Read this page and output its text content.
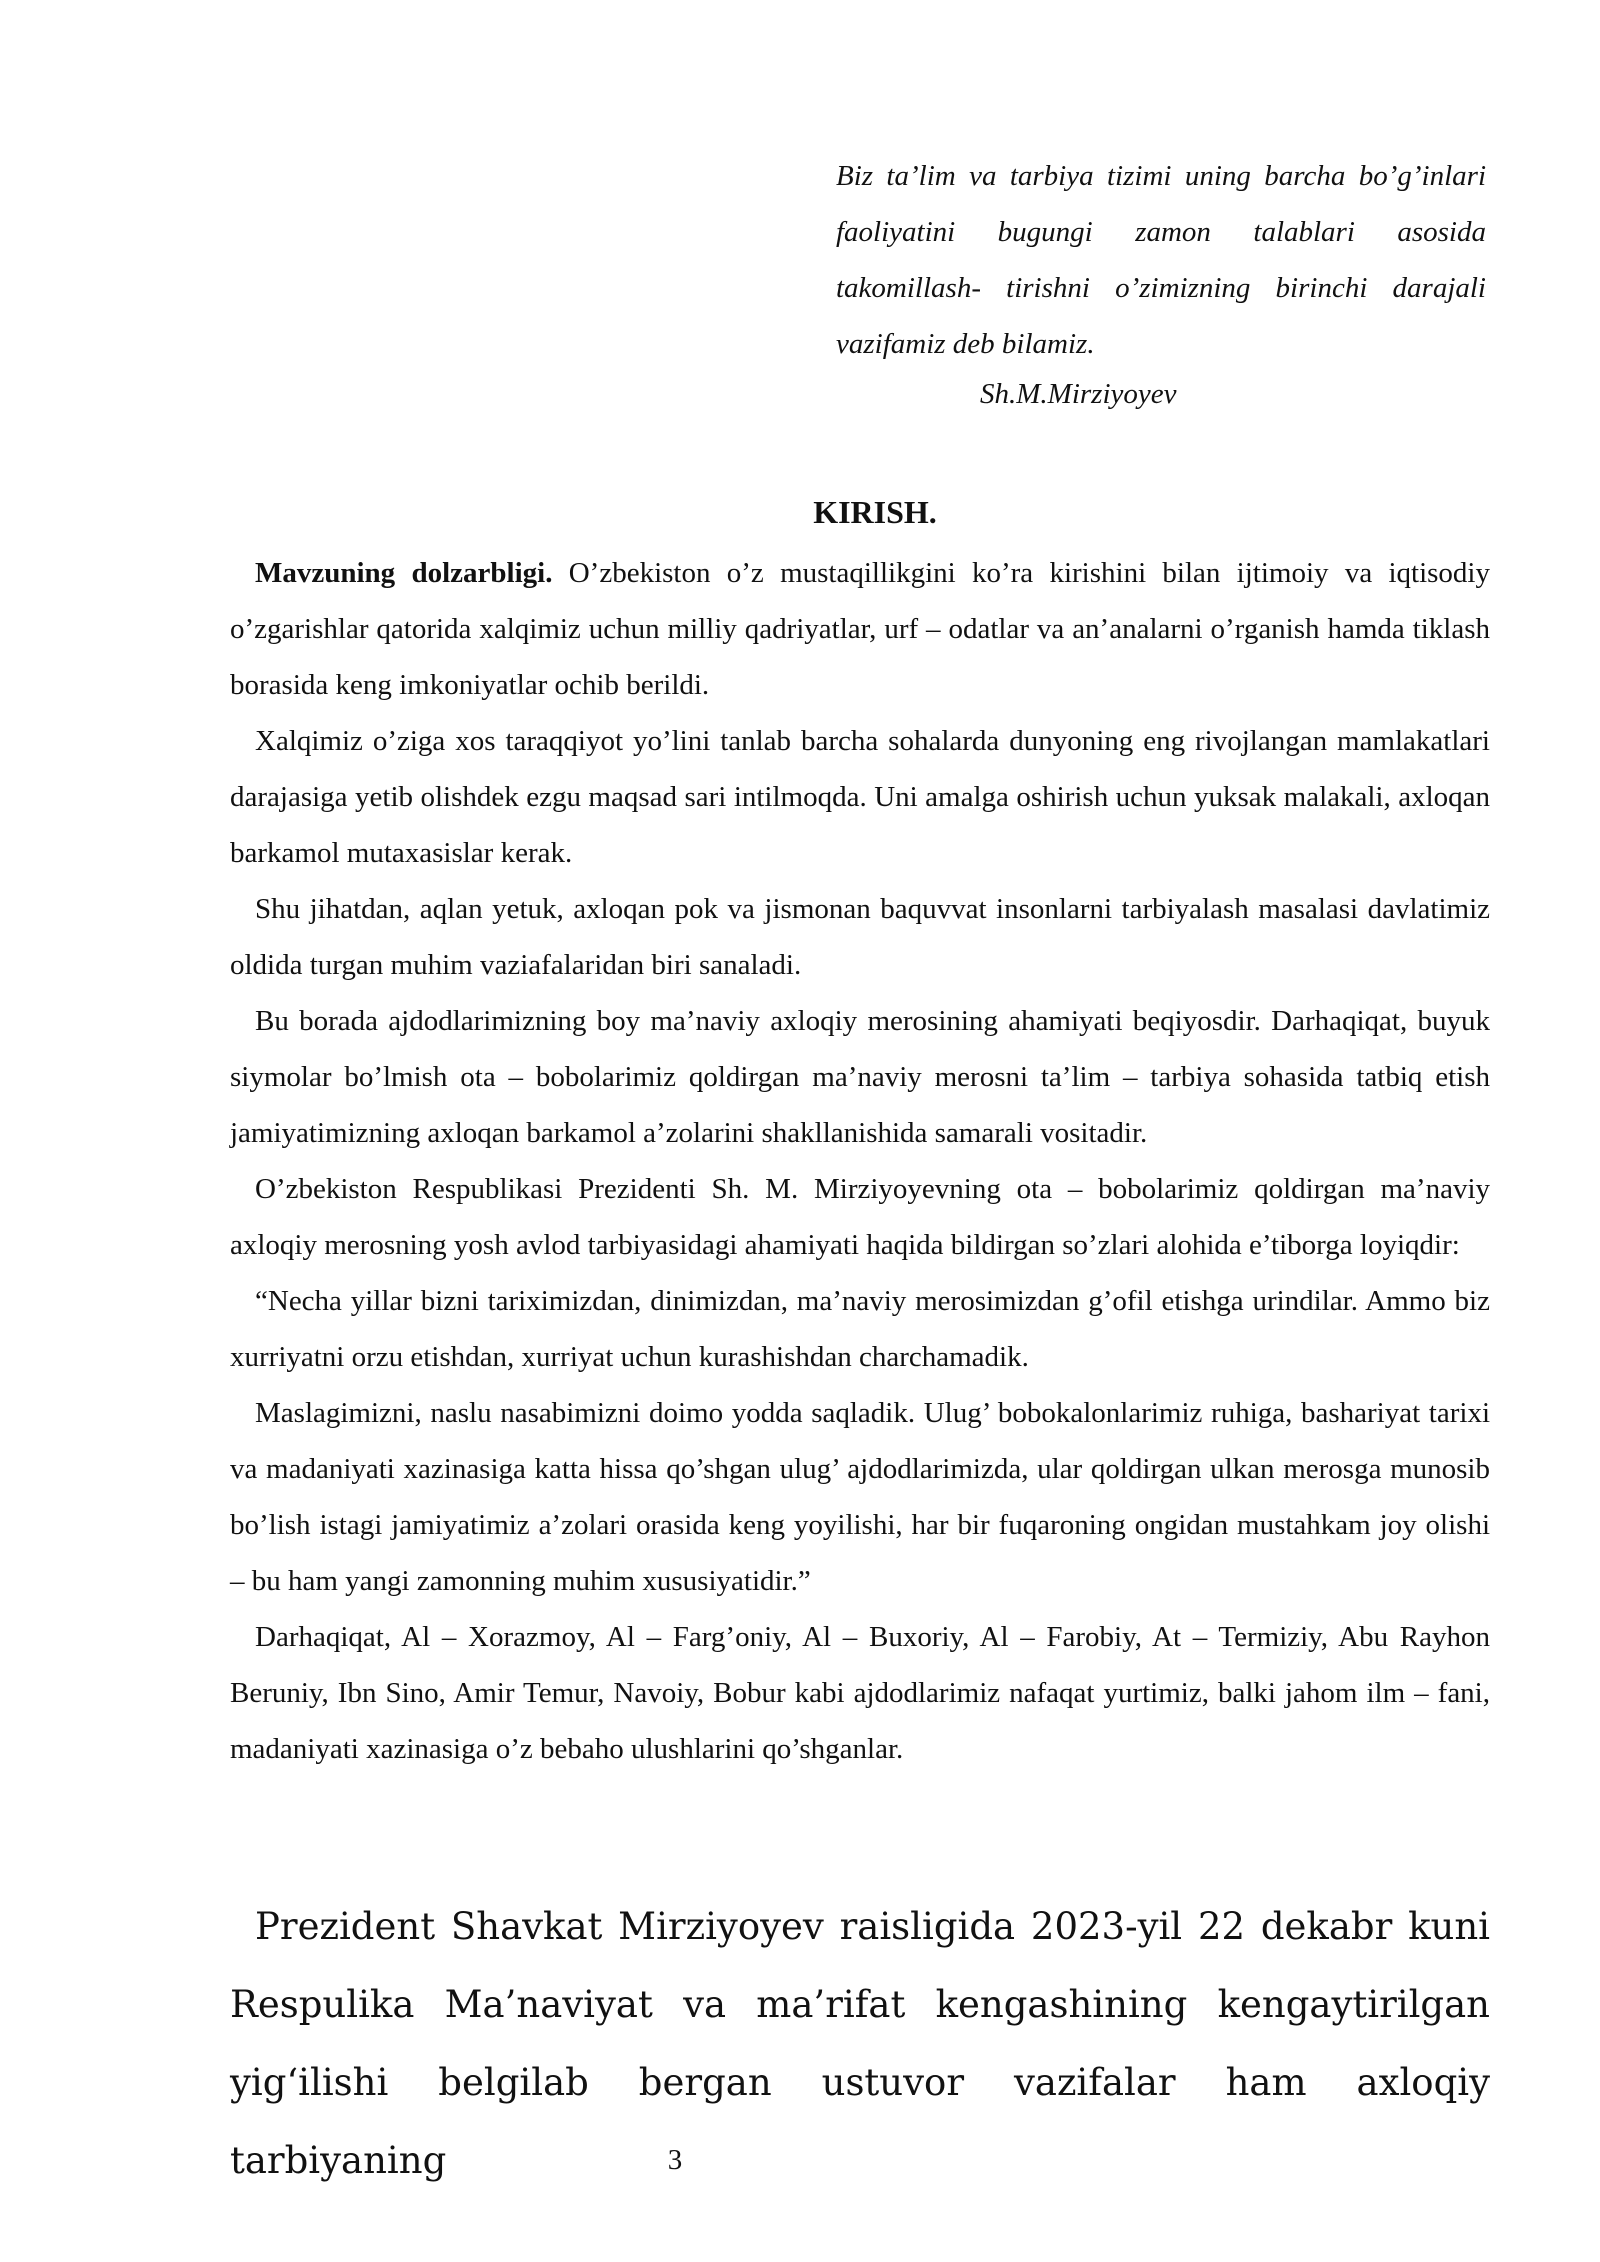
Biz ta’lim va tarbiya tizimi uning barcha bo’g’inlari faoliyatini bugungi zamon talablari asosida takomillash- tirishni o’zimizning birinchi darajali vazifamiz deb bilamiz.
Sh.M.Mirziyoyev
KIRISH.

Mavzuning dolzarbligi. O’zbekiston o’z mustaqillikgini ko’ra kirishini bilan ijtimoiy va iqtisodiy o’zgarishlar qatorida xalqimiz uchun milliy qadriyatlar, urf – odatlar va an’analarni o’rganish hamda tiklash borasida keng imkoniyatlar ochib berildi.

Xalqimiz o’ziga xos taraqqiyot yo’lini tanlab barcha sohalarda dunyoning eng rivojlangan mamlakatlari darajasiga yetib olishdek ezgu maqsad sari intilmoqda. Uni amalga oshirish uchun yuksak malakali, axloqan barkamol mutaxasislar kerak.

Shu jihatdan, aqlan yetuk, axloqan pok va jismonan baquvvat insonlarni tarbiyalash masalasi davlatimiz oldida turgan muhim vaziafalaridan biri sanaladi.

Bu borada ajdodlarimizning boy ma’naviy axloqiy merosining ahamiyati beqiyosdir. Darhaqiqat, buyuk siymolar bo’lmish ota – bobolarimiz qoldirgan ma’naviy merosni ta’lim – tarbiya sohasida tatbiq etish jamiyatimizning axloqan barkamol a’zolarini shakllanishida samarali vositadir.

O’zbekiston Respublikasi Prezidenti Sh. M. Mirziyoyevning ota – bobolarimiz qoldirgan ma’naviy axloqiy merosning yosh avlod tarbiyasidagi ahamiyati haqida bildirgan so’zlari alohida e’tiborga loyiqdir:

“Necha yillar bizni tariximizdan, dinimizdan, ma’naviy merosimizdan g’ofil etishga urindilar. Ammo biz xurriyatni orzu etishdan, xurriyat uchun kurashishdan charchamadik.

Maslagimizni, naslu nasabimizni doimo yodda saqladik. Ulug’ bobokalonlarimiz ruhiga, bashariyat tarixi va madaniyati xazinasiga katta hissa qo’shgan ulug’ ajdodlarimizda, ular qoldirgan ulkan merosga munosib bo’lish istagi jamiyatimiz a’zolari orasida keng yoyilishi, har bir fuqaroning ongidan mustahkam joy olishi – bu ham yangi zamonning muhim xususiyatidir.”

Darhaqiqat, Al – Xorazmoy, Al – Farg’oniy, Al – Buxoriy, Al – Farobiy, At – Termiziy, Abu Rayhon Beruniy, Ibn Sino, Amir Temur, Navoiy, Bobur kabi ajdodlarimiz nafaqat yurtimiz, balki jahom ilm – fani, madaniyati xazinasiga o’z bebaho ulushlarini qo’shganlar.

Prezident Shavkat Mirziyoyev raisligida 2023-yil 22 dekabr kuni Respulika Ma’naviyat va ma’rifat kengashining kengaytirilgan yig‘ilishi belgilab bergan ustuvor vazifalar ham axloqiy tarbiyaning	3
